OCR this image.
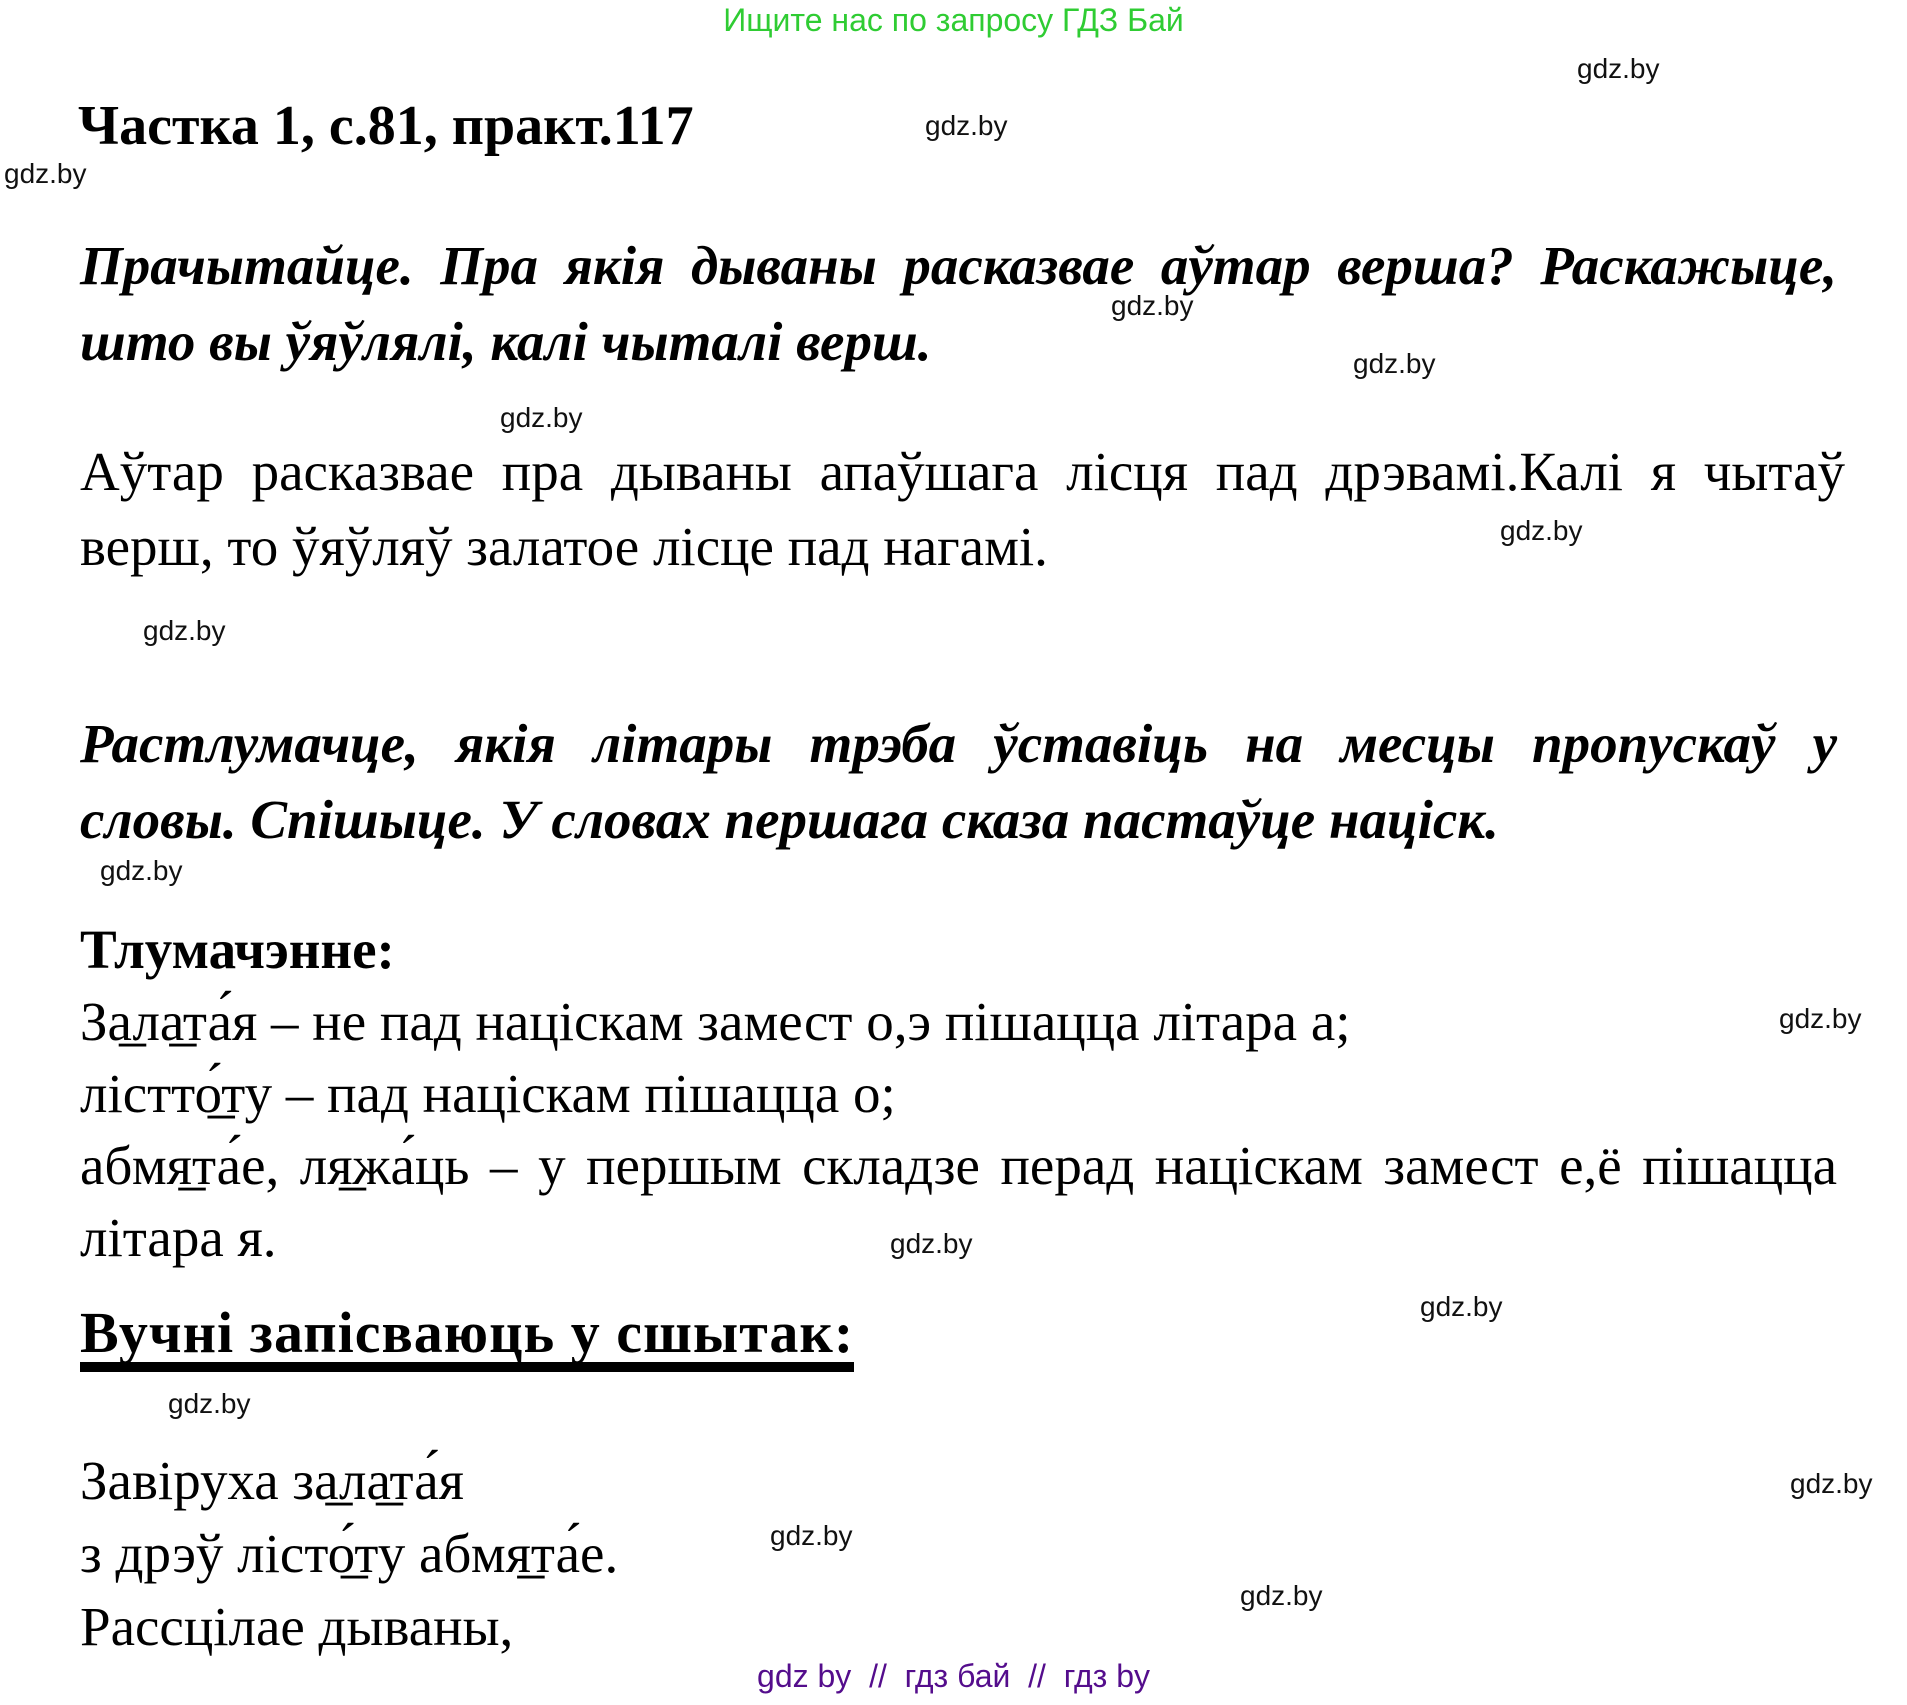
Ищите нас по запросу ГДЗ Бай
gdz.by
gdz.by
gdz.by
gdz.by
gdz.by
gdz.by
gdz.by
gdz.by
gdz.by
gdz.by
gdz.by
gdz.by
gdz.by
gdz.by
gdz.by
gdz.by
Частка 1, с.81, практ.117
Прачытайце. Пра якія дываны расказвае аўтар верша? Раскажыце,
што вы ўяўлялі, калі чыталі верш.
Аўтар расказвае пра дываны апаўшага лісця пад дрэвамі.Калі я чытаў
верш, то ўяўляў залатое лісце пад нагамі.
Растлумачце, якія літары трэба ўставіць на месцы пропускаў у
словы. Спішыце. У словах першага сказа пастаўце націск.
Тлумачэнне:
За̲ла̲та́я – не пад націскам замест о,э пішацца літара а;
лістто̲́ту – пад націскам пішацца о;
абмя̲та́е, ля̲жа́ць – у першым складзе перад націскам замест е,ё пішацца
літара я.
Вучні запісваюць у сшытак:
Завіруха за̲ла̲та́я
з дрэў лісто̲́ту абмя̲та́е.
Рассцілае дываны,
gdz by  //  гдз бай  //  гдз by
